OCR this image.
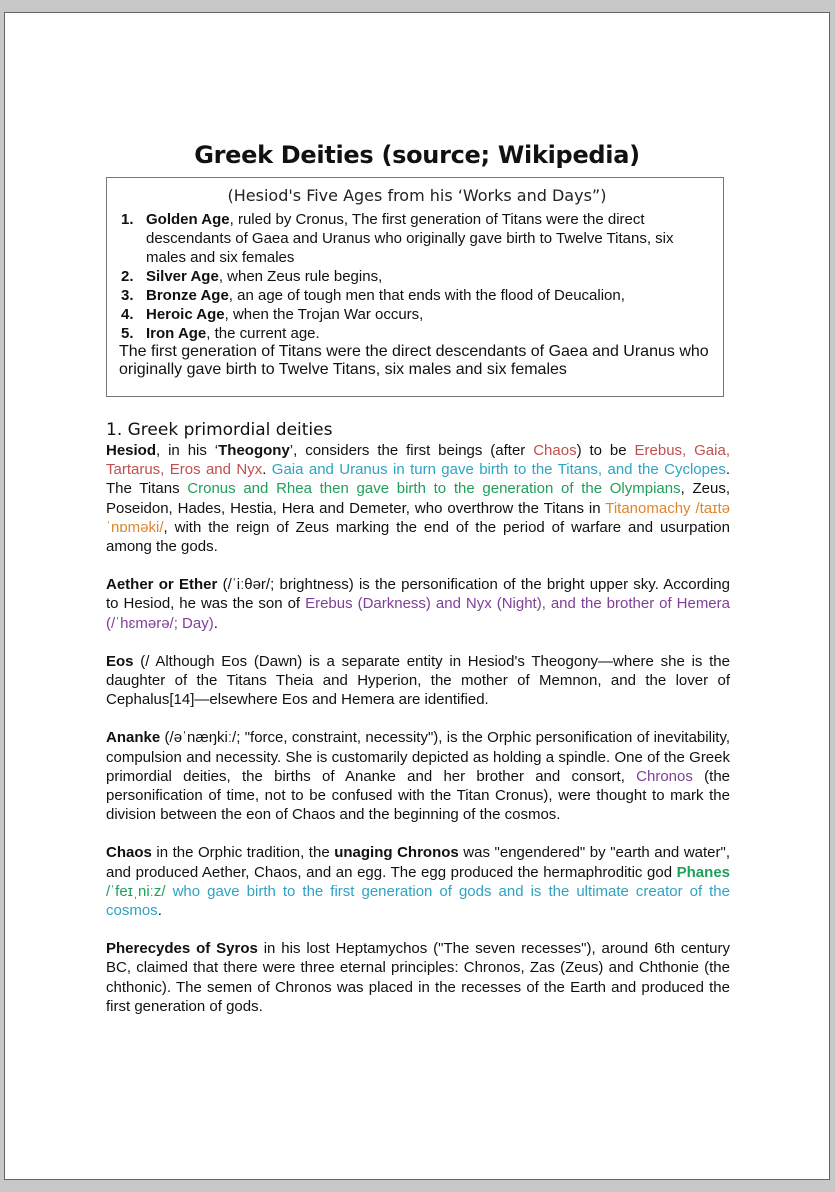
Greek Deities (source; Wikipedia)
(Hesiod's Five Ages from his ‘Works and Days”)
1. Golden Age, ruled by Cronus, The first generation of Titans were the direct descendants of Gaea and Uranus who originally gave birth to Twelve Titans, six males and six females
2. Silver Age, when Zeus rule begins,
3. Bronze Age, an age of tough men that ends with the flood of Deucalion,
4. Heroic Age, when the Trojan War occurs,
5. Iron Age, the current age.
The first generation of Titans were the direct descendants of Gaea and Uranus who originally gave birth to Twelve Titans, six males and six females
1. Greek primordial deities

Hesiod, in his ‘Theogony’, considers the first beings (after Chaos) to be Erebus, Gaia, Tartarus, Eros and Nyx. Gaia and Uranus in turn gave birth to the Titans, and the Cyclopes. The Titans Cronus and Rhea then gave birth to the generation of the Olympians, Zeus, Poseidon, Hades, Hestia, Hera and Demeter, who overthrow the Titans in Titanomachy /taɪtəˈnɒməki/, with the reign of Zeus marking the end of the period of warfare and usurpation among the gods.

Aether or Ether (/ˈiːθər/; brightness) is the personification of the bright upper sky. According to Hesiod, he was the son of Erebus (Darkness) and Nyx (Night), and the brother of Hemera (/ˈhɛmərə/; Day).

Eos (/ Although Eos (Dawn) is a separate entity in Hesiod's Theogony—where she is the daughter of the Titans Theia and Hyperion, the mother of Memnon, and the lover of Cephalus[14]—elsewhere Eos and Hemera are identified.

Ananke (/əˈnæŋkiː/; "force, constraint, necessity"), is the Orphic personification of inevitability, compulsion and necessity. She is customarily depicted as holding a spindle. One of the Greek primordial deities, the births of Ananke and her brother and consort, Chronos (the personification of time, not to be confused with the Titan Cronus), were thought to mark the division between the eon of Chaos and the beginning of the cosmos.

Chaos in the Orphic tradition, the unaging Chronos was "engendered" by "earth and water", and produced Aether, Chaos, and an egg. The egg produced the hermaphroditic god Phanes /ˈfeɪˌniːz/ who gave birth to the first generation of gods and is the ultimate creator of the cosmos.

Pherecydes of Syros in his lost Heptamychos ("The seven recesses"), around 6th century BC, claimed that there were three eternal principles: Chronos, Zas (Zeus) and Chthonie (the chthonic). The semen of Chronos was placed in the recesses of the Earth and produced the first generation of gods.
